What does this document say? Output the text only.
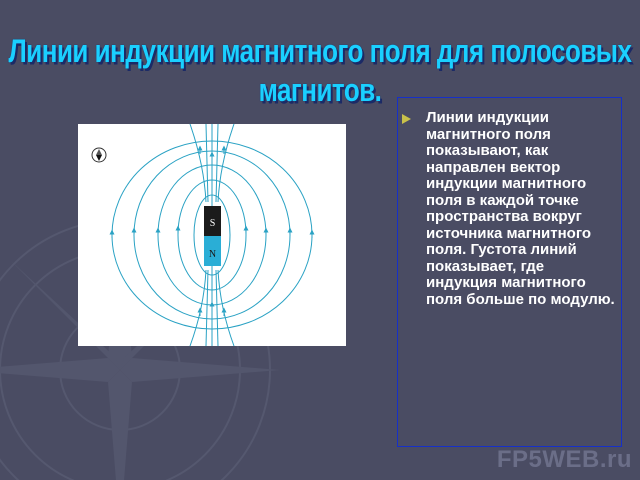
Линии индукции магнитного поля для полосовых магнитов.
S
N

Линии индукции магнитного поля показывают, как направлен вектор индукции магнитного поля в каждой точке пространства вокруг источника магнитного поля. Густота линий показывает, где индукция магнитного поля больше по модулю.

FP5WEB.ru
